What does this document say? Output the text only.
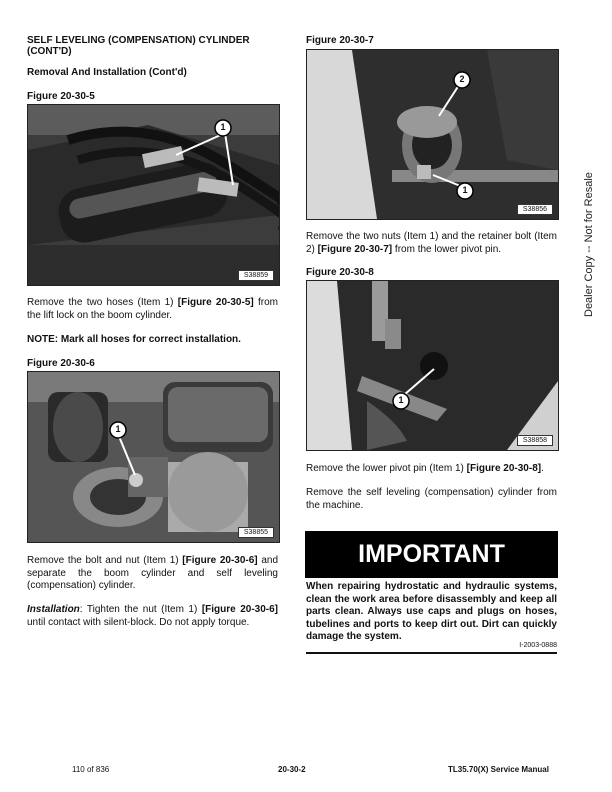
SELF LEVELING (COMPENSATION) CYLINDER (CONT'D)
Removal And Installation (Cont'd)
Figure 20-30-5
1
S38859
Remove the two hoses (Item 1) [Figure 20-30-5] from the lift lock on the boom cylinder.
NOTE: Mark all hoses for correct installation.
Figure 20-30-6
1
S38855
Remove the bolt and nut (Item 1) [Figure 20-30-6] and separate the boom cylinder and self leveling (compensation) cylinder.
Installation: Tighten the nut (Item 1) [Figure 20-30-6] until contact with silent-block. Do not apply torque.
Figure 20-30-7
2
1
S38856
Remove the two nuts (Item 1) and the retainer bolt (Item 2) [Figure 20-30-7] from the lower pivot pin.
Figure 20-30-8
1
S38858
Remove the lower pivot pin (Item 1) [Figure 20-30-8].
Remove the self leveling (compensation) cylinder from the machine.
IMPORTANT
When repairing hydrostatic and hydraulic systems, clean the work area before disassembly and keep all parts clean. Always use caps and plugs on hoses, tubelines and ports to keep dirt out. Dirt can quickly damage the system.
I-2003-0888
Dealer Copy -- Not for Resale
110 of 836	20-30-2	TL35.70(X) Service Manual
